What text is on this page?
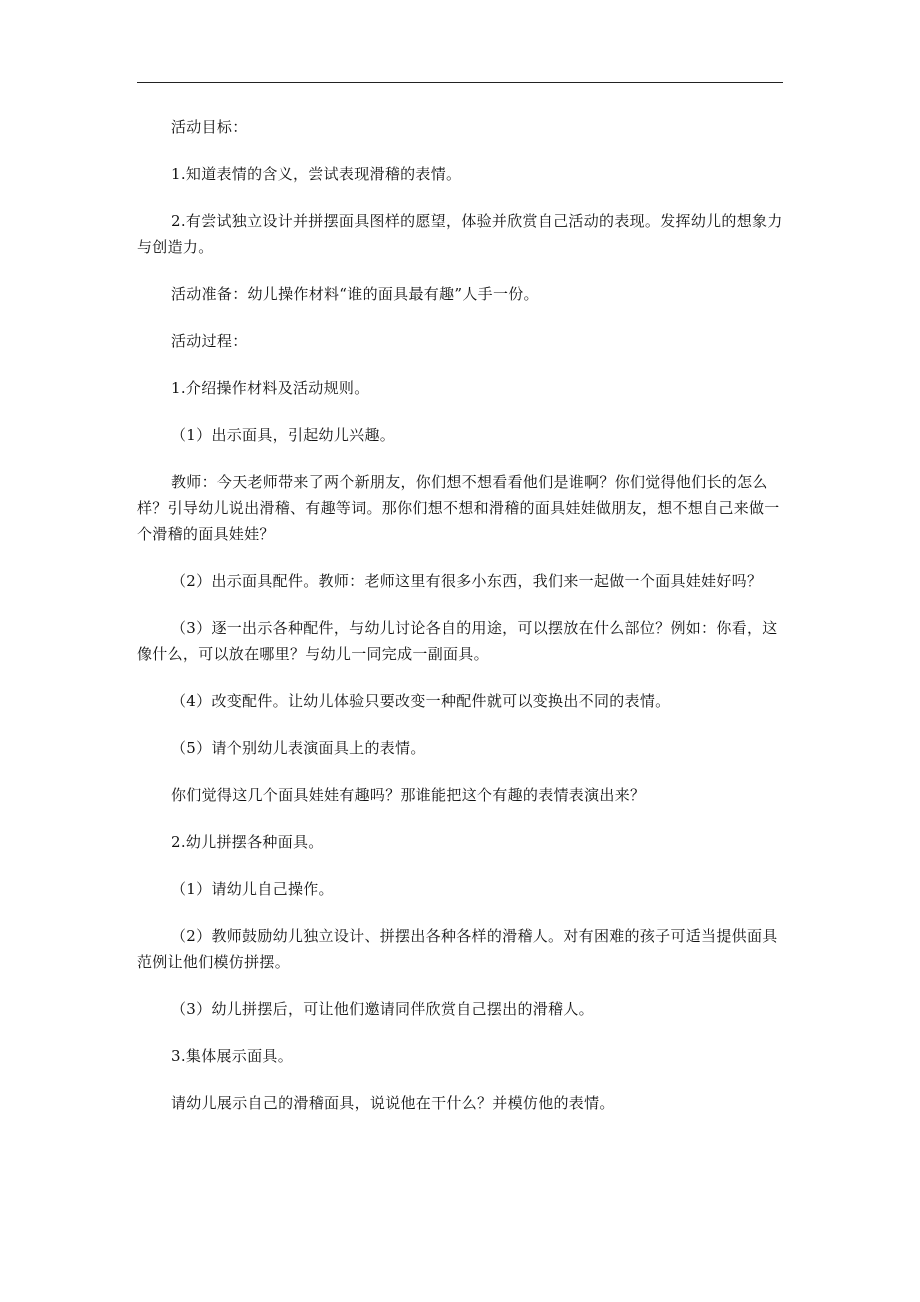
活动目标：

1.知道表情的含义，尝试表现滑稽的表情。

2.有尝试独立设计并拼摆面具图样的愿望，体验并欣赏自己活动的表现。发挥幼儿的想象力与创造力。

活动准备：幼儿操作材料“谁的面具最有趣”人手一份。

活动过程：

1.介绍操作材料及活动规则。

（1）出示面具，引起幼儿兴趣。

教师：今天老师带来了两个新朋友，你们想不想看看他们是谁啊？你们觉得他们长的怎么样？引导幼儿说出滑稽、有趣等词。那你们想不想和滑稽的面具娃娃做朋友，想不想自己来做一个滑稽的面具娃娃？

（2）出示面具配件。教师：老师这里有很多小东西，我们来一起做一个面具娃娃好吗？

（3）逐一出示各种配件，与幼儿讨论各自的用途，可以摆放在什么部位？例如：你看，这像什么，可以放在哪里？与幼儿一同完成一副面具。

（4）改变配件。让幼儿体验只要改变一种配件就可以变换出不同的表情。

（5）请个别幼儿表演面具上的表情。

你们觉得这几个面具娃娃有趣吗？那谁能把这个有趣的表情表演出来？

2.幼儿拼摆各种面具。

（1）请幼儿自己操作。

（2）教师鼓励幼儿独立设计、拼摆出各种各样的滑稽人。对有困难的孩子可适当提供面具范例让他们模仿拼摆。

（3）幼儿拼摆后，可让他们邀请同伴欣赏自己摆出的滑稽人。

3.集体展示面具。

请幼儿展示自己的滑稽面具，说说他在干什么？并模仿他的表情。
